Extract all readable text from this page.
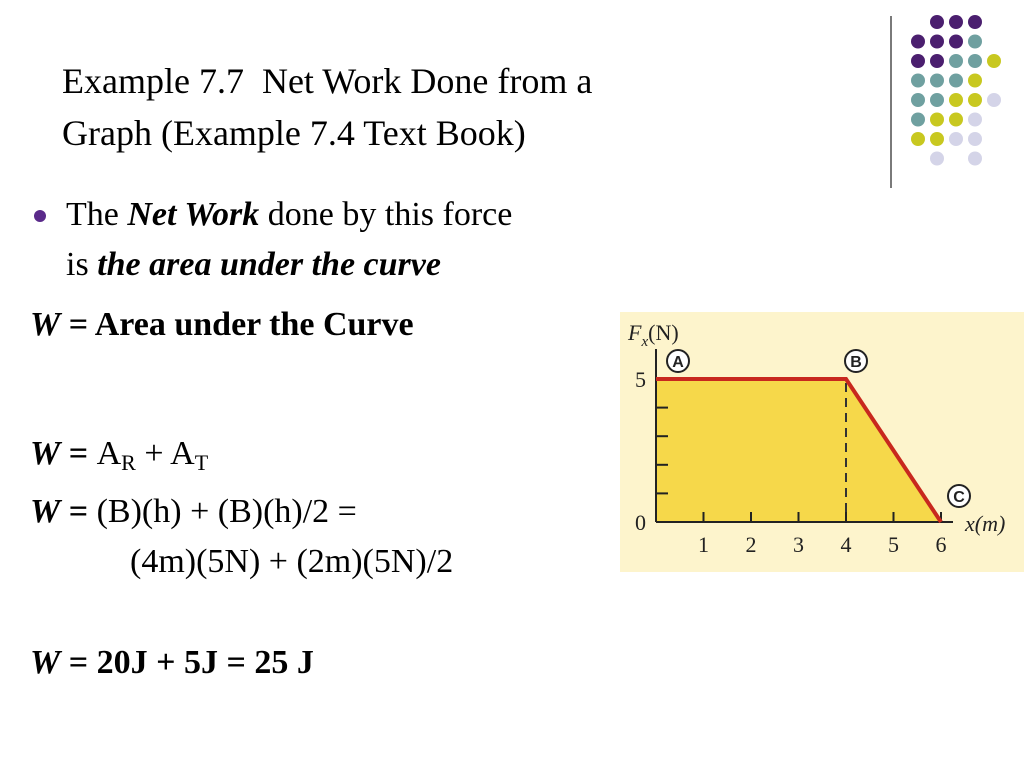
Example 7.7  Net Work Done from a
Graph (Example 7.4 Text Book)
The Net Work done by this force
is the area under the curve
W = Area under the Curve
$W = A_R + A_T$
W = (B)(h) + (B)(h)/2 =
(4m)(5N) + (2m)(5N)/2
W = 20J + 5J = 25 J
1 2 3 4 5 6
0
5
A	B
C
$F_x(N)$
x(m)
